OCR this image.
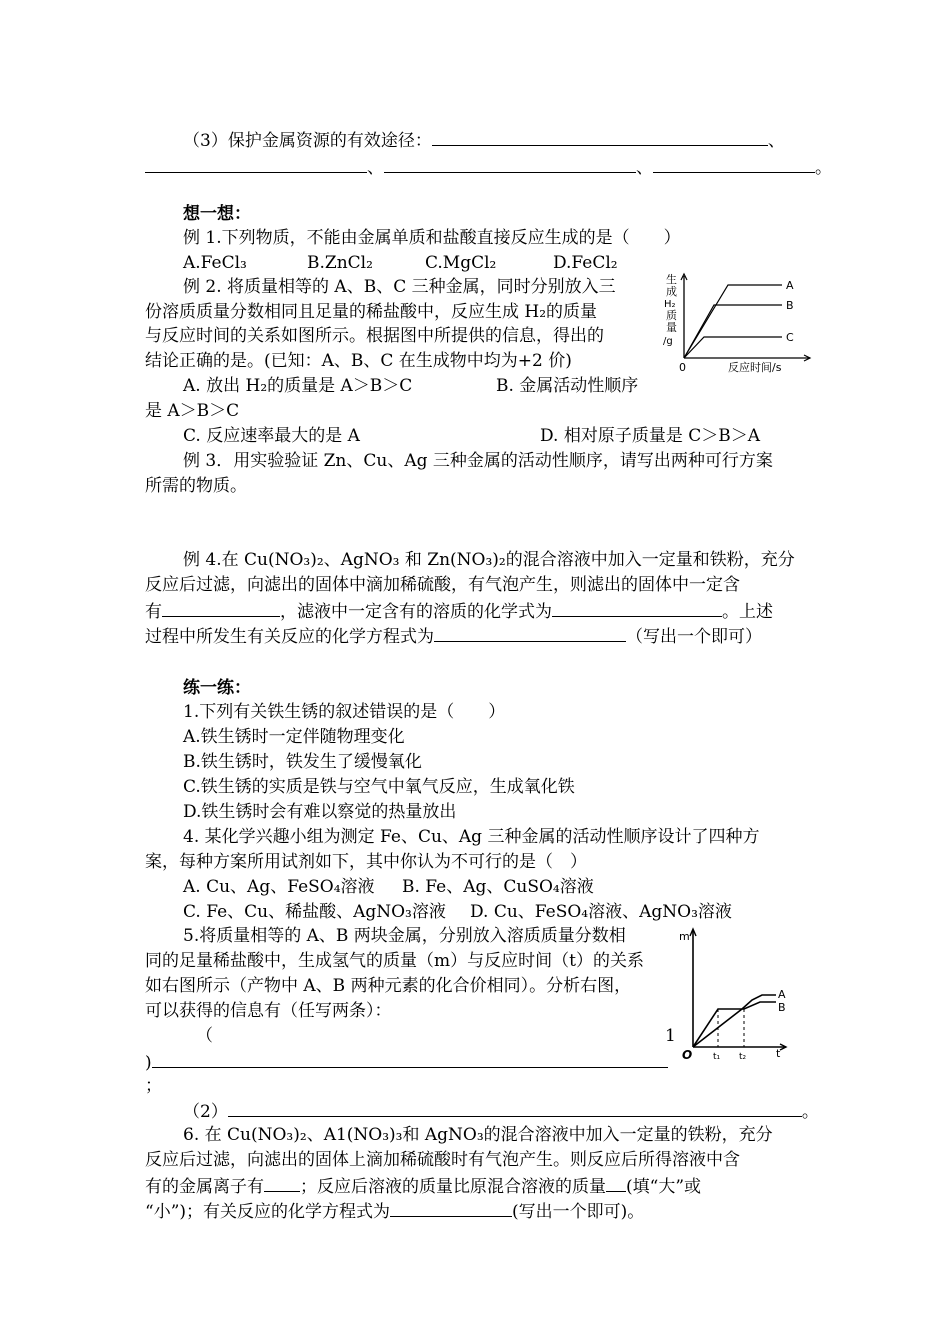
（3）保护金属资源的有效途径：	、
、	、	。
想一想：
例 1.下列物质，不能由金属单质和盐酸直接反应生成的是（　　）
A.FeCl₃	B.ZnCl₂	C.MgCl₂	D.FeCl₂
例 2. 将质量相等的 A、B、C 三种金属，同时分别放入三
份溶质质量分数相同且足量的稀盐酸中，反应生成 H₂的质量
与反应时间的关系如图所示。根据图中所提供的信息，得出的
结论正确的是。(已知：A、B、C 在生成物中均为+2 价)
A. 放出 H₂的质量是 A＞B＞C	B. 金属活动性顺序
是 A＞B＞C
C. 反应速率最大的是 A	D. 相对原子质量是 C＞B＞A
生
成
H₂
质
量
/g
A
B
C
0	反应时间/s
例 3．用实验验证 Zn、Cu、Ag 三种金属的活动性顺序，请写出两种可行方案
所需的物质。
例 4.在 Cu(NO₃)₂、AgNO₃ 和 Zn(NO₃)₂的混合溶液中加入一定量和铁粉，充分
反应后过滤，向滤出的固体中滴加稀硫酸，有气泡产生，则滤出的固体中一定含
有	，滤液中一定含有的溶质的化学式为	。上述
过程中所发生有关反应的化学方程式为	（写出一个即可）
练一练：
1.下列有关铁生锈的叙述错误的是（　　）
A.铁生锈时一定伴随物理变化
B.铁生锈时，铁发生了缓慢氧化
C.铁生锈的实质是铁与空气中氧气反应，生成氧化铁
D.铁生锈时会有难以察觉的热量放出
4. 某化学兴趣小组为测定 Fe、Cu、Ag 三种金属的活动性顺序设计了四种方
案，每种方案所用试剂如下，其中你认为不可行的是（　）
A. Cu、Ag、FeSO₄溶液 B. Fe、Ag、CuSO₄溶液
C. Fe、Cu、稀盐酸、AgNO₃溶液 D. Cu、FeSO₄溶液、AgNO₃溶液
5.将质量相等的 A、B 两块金属，分别放入溶质质量分数相
同的足量稀盐酸中，生成氢气的质量（m）与反应时间（t）的关系
如右图所示（产物中 A、B 两种元素的化合价相同）。分析右图，
可以获得的信息有（任写两条）：
（	1
)
；
（2）	。
m
A
B
O t₁ t₂	t
6. 在 Cu(NO₃)₂、A1(NO₃)₃和 AgNO₃的混合溶液中加入一定量的铁粉，充分
反应后过滤，向滤出的固体上滴加稀硫酸时有气泡产生。则反应后所得溶液中含
有的金属离子有 ；反应后溶液的质量比原混合溶液的质量 (填“大”或
“小”)；有关反应的化学方程式为	(写出一个即可)。
